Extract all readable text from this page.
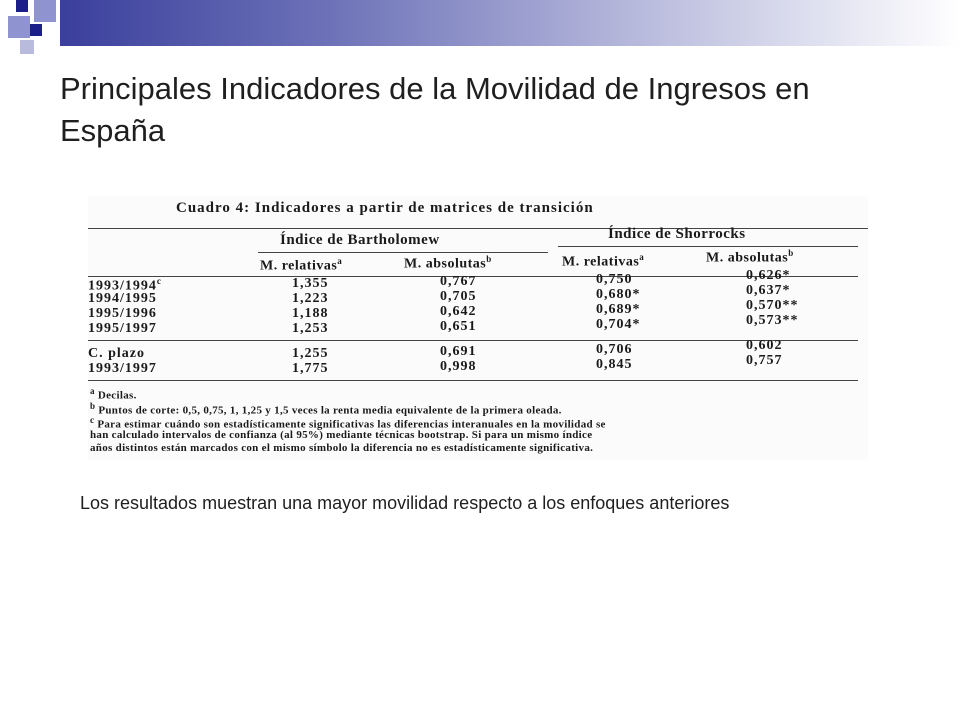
Principales Indicadores de la Movilidad de Ingresos en España
Cuadro 4: Indicadores a partir de matrices de transición
Índice de Bartholomew	Índice de Shorrocks
M. relativas$^a$	M. absolutas$^b$	M. relativas$^a$	M. absolutas$^b$
1993/1994$^c$	1,355	0,767	0,750	0,626*
1994/1995	1,223	0,705	0,680*	0,637*
1995/1996	1,188	0,642	0,689*	0,570**
1995/1997	1,253	0,651	0,704*	0,573**
C. plazo	1,255	0,691	0,706	0,602
1993/1997	1,775	0,998	0,845	0,757
$^a$ Decilas.
$^b$ Puntos de corte: 0,5, 0,75, 1, 1,25 y 1,5 veces la renta media equivalente de la primera oleada.
$^c$ Para estimar cuándo son estadísticamente significativas las diferencias interanuales en la movilidad se
han calculado intervalos de confianza (al 95%) mediante técnicas bootstrap. Si para un mismo índice
años distintos están marcados con el mismo símbolo la diferencia no es estadísticamente significativa.
Los resultados muestran una mayor movilidad respecto a los enfoques anteriores
